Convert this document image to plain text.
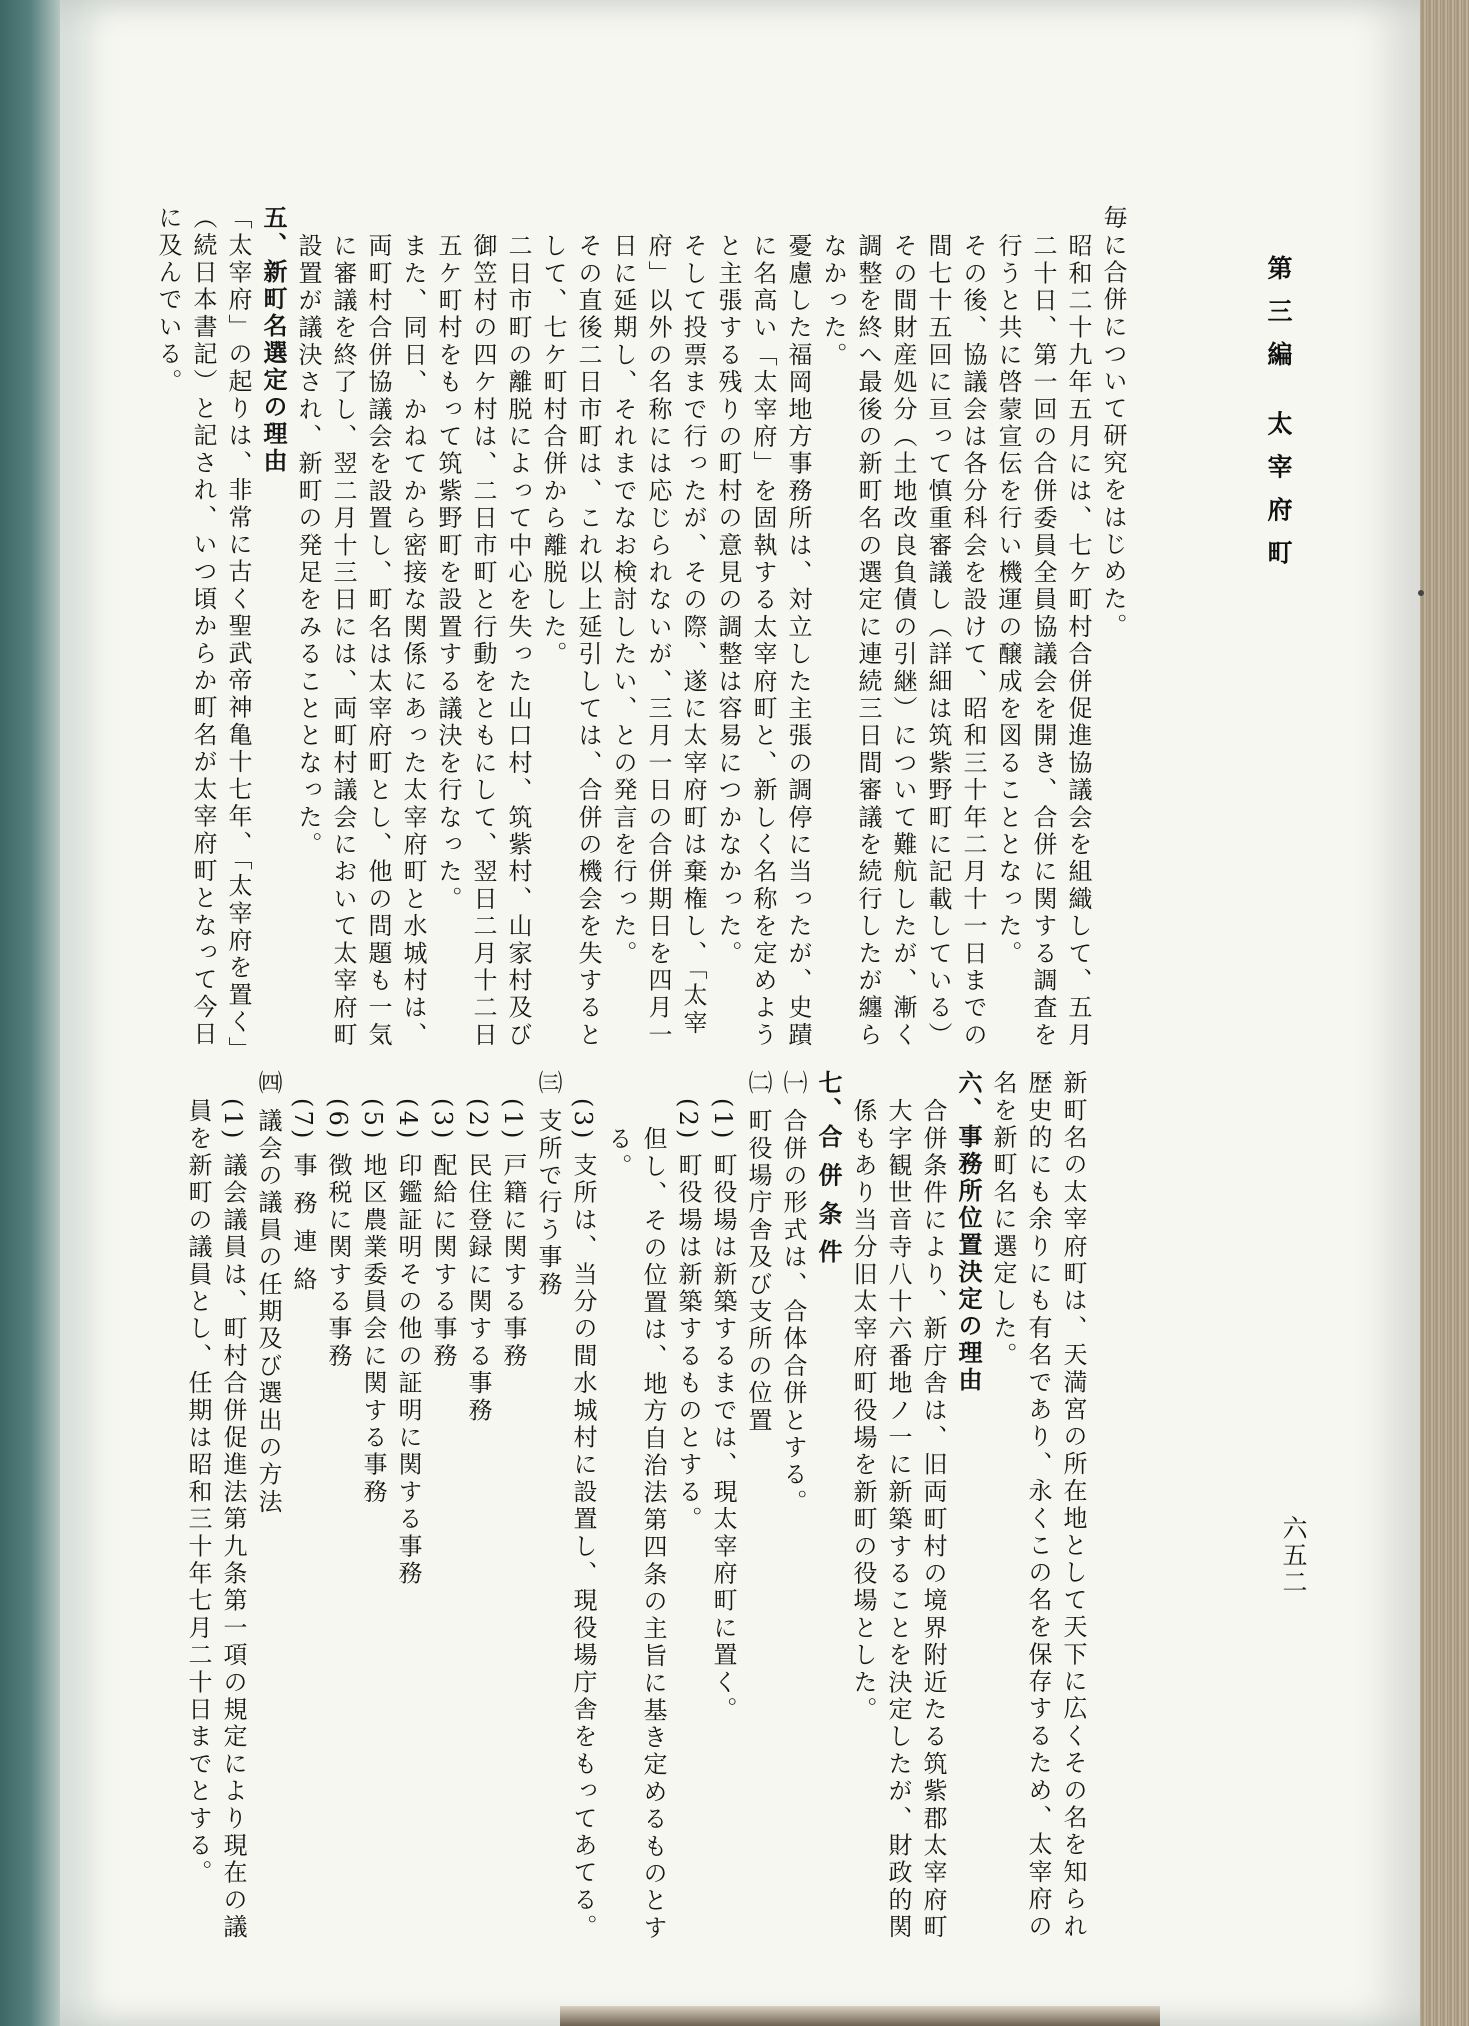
第三編 太宰府町
六五二
毎に合併について研究をはじめた。
昭和二十九年五月には、七ケ町村合併促進協議会を組織して、五月二十日、第一回の合併委員全員協議会を開き、合併に関する調査を行うと共に啓蒙宣伝を行い機運の醸成を図ることとなった。
その後、協議会は各分科会を設けて、昭和三十年二月十一日までの間七十五回に亘って慎重審議し（詳細は筑紫野町に記載している）その間財産処分（土地改良負債の引継）について難航したが、漸く調整を終へ最後の新町名の選定に連続三日間審議を続行したが纏らなかった。
憂慮した福岡地方事務所は、対立した主張の調停に当ったが、史蹟に名高い「太宰府」を固執する太宰府町と、新しく名称を定めようと主張する残りの町村の意見の調整は容易につかなかった。
そして投票まで行ったが、その際、遂に太宰府町は棄権し、「太宰府」以外の名称には応じられないが、三月一日の合併期日を四月一日に延期し、それまでなお検討したい、との発言を行った。
その直後二日市町は、これ以上延引しては、合併の機会を失するとして、七ケ町村合併から離脱した。
二日市町の離脱によって中心を失った山口村、筑紫村、山家村及び御笠村の四ケ村は、二日市町と行動をともにして、翌日二月十二日五ケ町村をもって筑紫野町を設置する議決を行なった。
また、同日、かねてから密接な関係にあった太宰府町と水城村は、両町村合併協議会を設置し、町名は太宰府町とし、他の問題も一気に審議を終了し、翌二月十三日には、両町村議会において太宰府町設置が議決され、新町の発足をみることとなった。
五、新町名選定の理由
「太宰府」の起りは、非常に古く聖武帝神亀十七年、「太宰府を置く」（続日本書記）と記され、いつ頃からか町名が太宰府町となって今日に及んでいる。
新町名の太宰府町は、天満宮の所在地として天下に広くその名を知られ歴史的にも余りにも有名であり、永くこの名を保存するため、太宰府の名を新町名に選定した。
六、事務所位置決定の理由
合併条件により、新庁舎は、旧両町村の境界附近たる筑紫郡太宰府町大字観世音寺八十六番地ノ一に新築することを決定したが、財政的関係もあり当分旧太宰府町役場を新町の役場とした。
七、合 併 条 件
㈠ 合併の形式は、合体合併とする。
㈡ 町役場庁舎及び支所の位置
(1) 町役場は新築するまでは、現太宰府町に置く。
(2) 町役場は新築するものとする。
但し、その位置は、地方自治法第四条の主旨に基き定めるものとする。
(3) 支所は、当分の間水城村に設置し、現役場庁舎をもってあてる。
㈢ 支所で行う事務
(1) 戸籍に関する事務
(2) 民住登録に関する事務
(3) 配給に関する事務
(4) 印鑑証明その他の証明に関する事務
(5) 地区農業委員会に関する事務
(6) 徴税に関する事務
(7) 事 務 連 絡
㈣ 議会の議員の任期及び選出の方法
(1) 議会議員は、町村合併促進法第九条第一項の規定により現在の議員を新町の議員とし、任期は昭和三十年七月二十日までとする。
